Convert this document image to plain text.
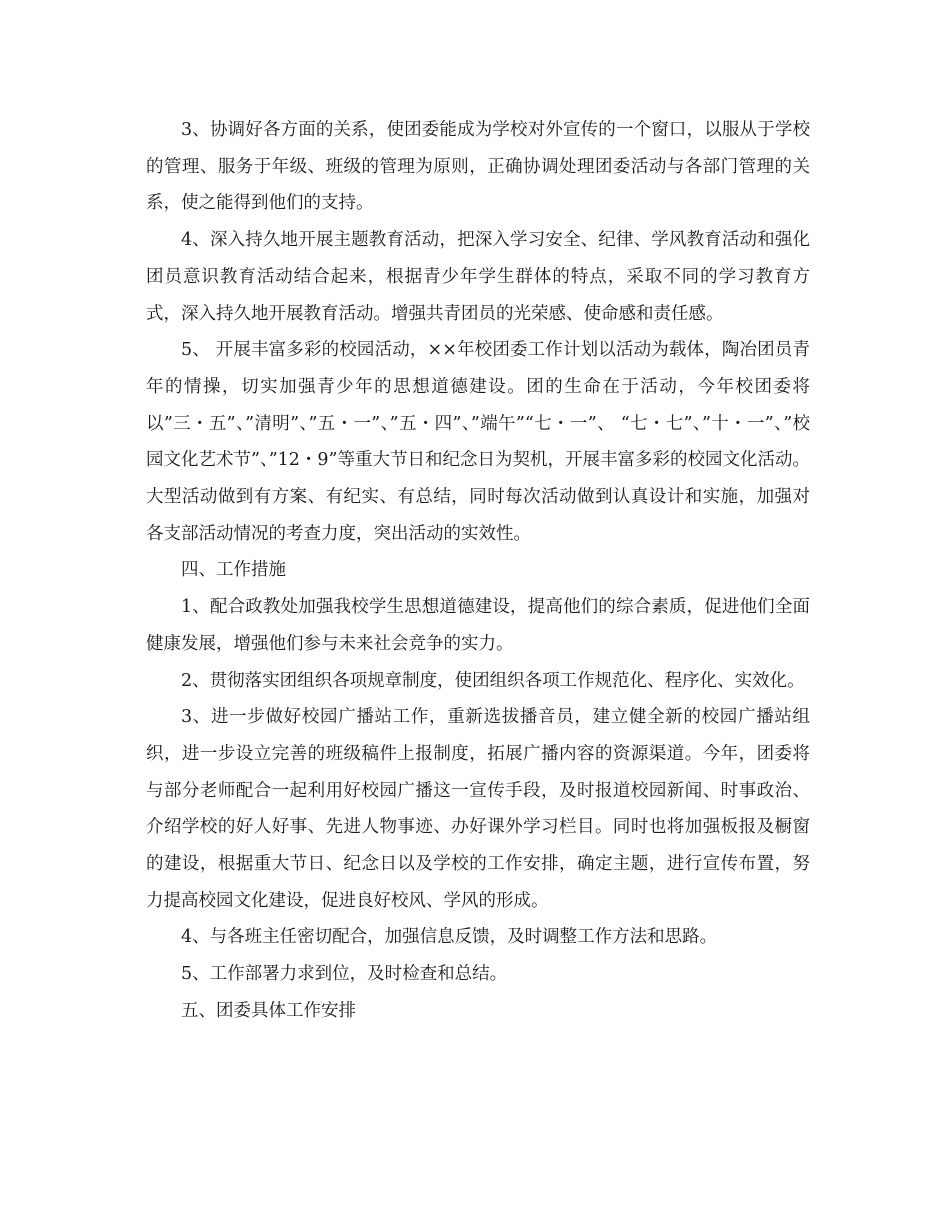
3、协调好各方面的关系，使团委能成为学校对外宣传的一个窗口，以服从于学校的管理、服务于年级、班级的管理为原则，正确协调处理团委活动与各部门管理的关系，使之能得到他们的支持。

4、深入持久地开展主题教育活动，把深入学习安全、纪律、学风教育活动和强化团员意识教育活动结合起来，根据青少年学生群体的特点，采取不同的学习教育方式，深入持久地开展教育活动。增强共青团员的光荣感、使命感和责任感。

5、 开展丰富多彩的校园活动，××年校团委工作计划以活动为载体，陶冶团员青年的情操，切实加强青少年的思想道德建设。团的生命在于活动，今年校团委将以”三・五”、”清明”、”五・一”、”五・四”、”端午”“七・一”、 “七・七”、”十・一”、”校园文化艺术节”、”12・9”等重大节日和纪念日为契机，开展丰富多彩的校园文化活动。大型活动做到有方案、有纪实、有总结，同时每次活动做到认真设计和实施，加强对各支部活动情况的考查力度，突出活动的实效性。

四、工作措施

1、配合政教处加强我校学生思想道德建设，提高他们的综合素质，促进他们全面健康发展，增强他们参与未来社会竞争的实力。

2、贯彻落实团组织各项规章制度，使团组织各项工作规范化、程序化、实效化。

3、进一步做好校园广播站工作，重新选拔播音员，建立健全新的校园广播站组织，进一步设立完善的班级稿件上报制度，拓展广播内容的资源渠道。今年，团委将与部分老师配合一起利用好校园广播这一宣传手段，及时报道校园新闻、时事政治、介绍学校的好人好事、先进人物事迹、办好课外学习栏目。同时也将加强板报及橱窗的建设，根据重大节日、纪念日以及学校的工作安排，确定主题，进行宣传布置，努力提高校园文化建设，促进良好校风、学风的形成。

4、与各班主任密切配合，加强信息反馈，及时调整工作方法和思路。

5、工作部署力求到位，及时检查和总结。

五、团委具体工作安排
